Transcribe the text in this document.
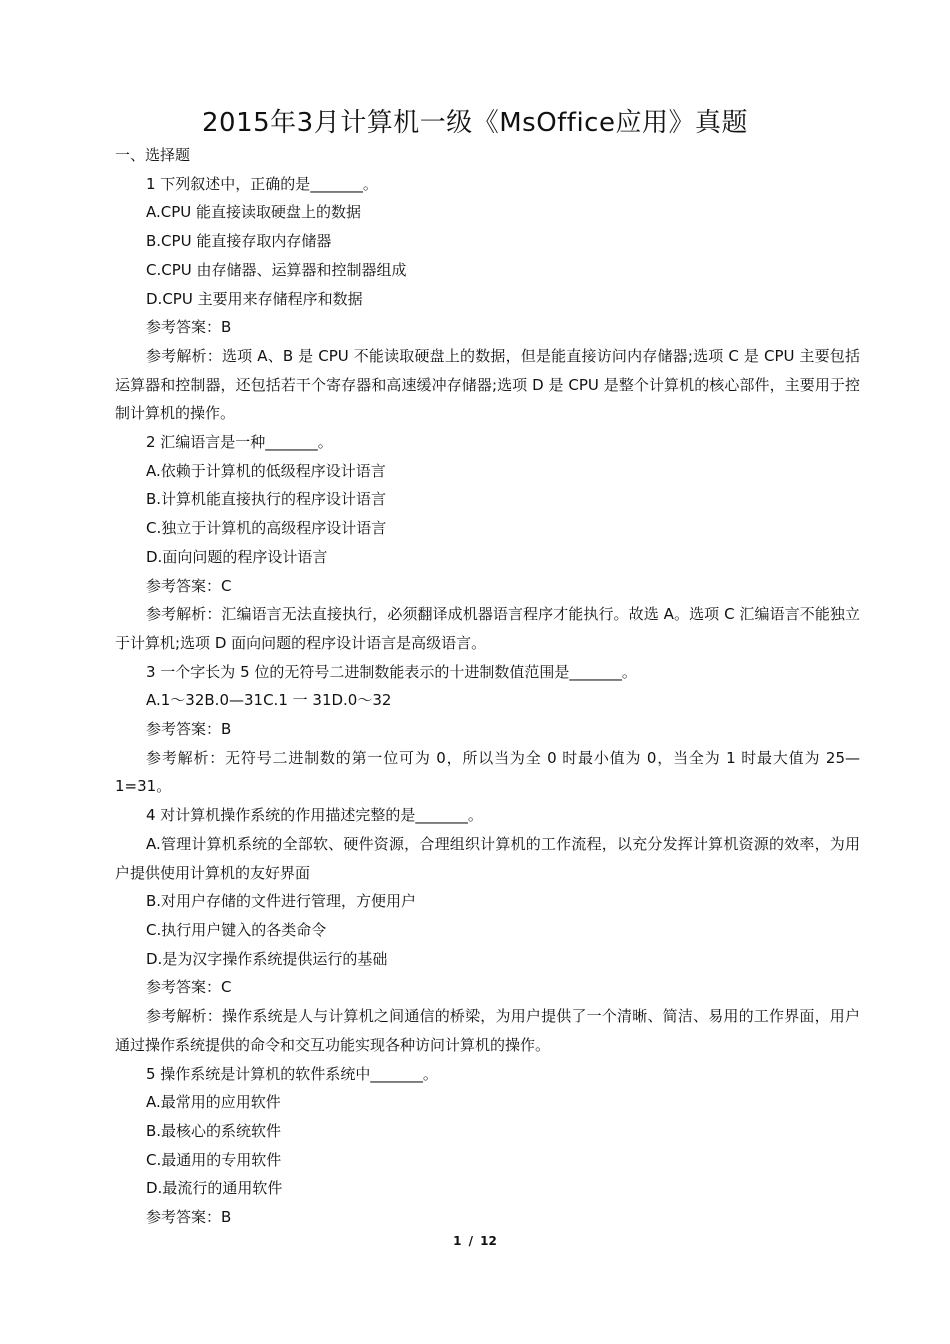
2015年3月计算机一级《MsOffice应用》真题

一、选择题

1 下列叙述中，正确的是_______。

A.CPU 能直接读取硬盘上的数据

B.CPU 能直接存取内存储器

C.CPU 由存储器、运算器和控制器组成

D.CPU 主要用来存储程序和数据

参考答案：B

参考解析：选项 A、B 是 CPU 不能读取硬盘上的数据，但是能直接访问内存储器;选项 C 是 CPU 主要包括运算器和控制器，还包括若干个寄存器和高速缓冲存储器;选项 D 是 CPU 是整个计算机的核心部件，主要用于控制计算机的操作。

2 汇编语言是一种_______。

A.依赖于计算机的低级程序设计语言

B.计算机能直接执行的程序设计语言

C.独立于计算机的高级程序设计语言

D.面向问题的程序设计语言

参考答案：C

参考解析：汇编语言无法直接执行，必须翻译成机器语言程序才能执行。故选 A。选项 C 汇编语言不能独立于计算机;选项 D 面向问题的程序设计语言是高级语言。

3 一个字长为 5 位的无符号二进制数能表示的十进制数值范围是_______。

A.1～32B.0—31C.1 一 31D.0～32

参考答案：B

参考解析：无符号二进制数的第一位可为 0，所以当为全 0 时最小值为 0，当全为 1 时最大值为 25—1=31。

4 对计算机操作系统的作用描述完整的是_______。

A.管理计算机系统的全部软、硬件资源，合理组织计算机的工作流程，以充分发挥计算机资源的效率，为用户提供使用计算机的友好界面

B.对用户存储的文件进行管理，方便用户

C.执行用户键入的各类命令

D.是为汉字操作系统提供运行的基础

参考答案：C

参考解析：操作系统是人与计算机之间通信的桥梁，为用户提供了一个清晰、简洁、易用的工作界面，用户通过操作系统提供的命令和交互功能实现各种访问计算机的操作。

5 操作系统是计算机的软件系统中_______。

A.最常用的应用软件

B.最核心的系统软件

C.最通用的专用软件

D.最流行的通用软件

参考答案：B

1 / 12
